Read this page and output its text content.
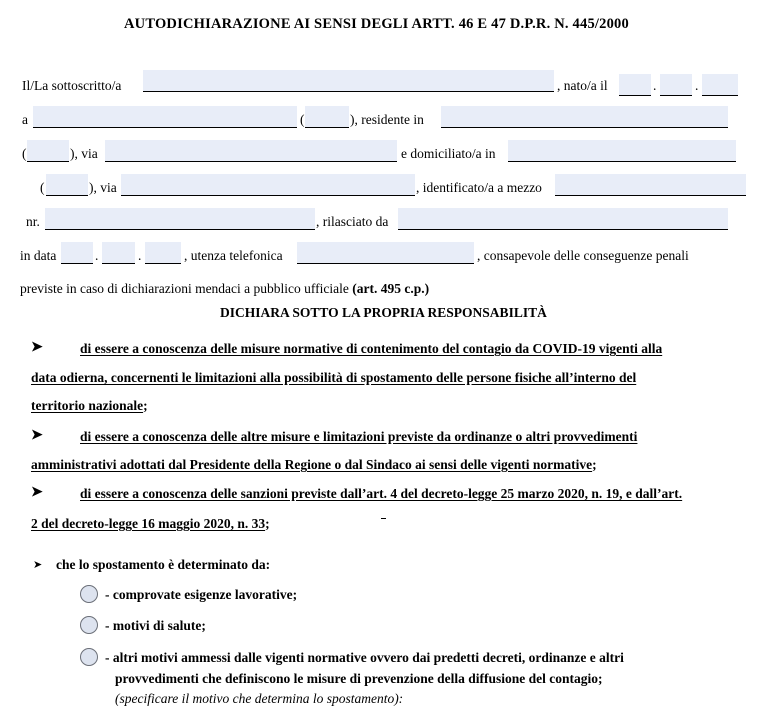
AUTODICHIARAZIONE AI SENSI DEGLI ARTT. 46 E 47 D.P.R. N. 445/2000
Il/La sottoscritto/a	, nato/a il	.	.
a	(	), residente in
(	), via	e domiciliato/a in
(	), via	, identificato/a a mezzo
nr.	, rilasciato da
in data	.	.	, utenza telefonica	, consapevole delle conseguenze penali
previste in caso di dichiarazioni mendaci a pubblico ufficiale (art. 495 c.p.)
DICHIARA SOTTO LA PROPRIA RESPONSABILITÀ
➤	di essere a conoscenza delle misure normative di contenimento del contagio da COVID-19 vigenti alla
data odierna, concernenti le limitazioni alla possibilità di spostamento delle persone fisiche all’interno del
territorio nazionale;
➤	di essere a conoscenza delle altre misure e limitazioni previste da ordinanze o altri provvedimenti
amministrativi adottati dal Presidente della Regione o dal Sindaco ai sensi delle vigenti normative;
➤	di essere a conoscenza delle sanzioni previste dall’art. 4 del decreto-legge 25 marzo 2020, n. 19, e dall’art.
2 del decreto-legge 16 maggio 2020, n. 33;
➤ che lo spostamento è determinato da:
- comprovate esigenze lavorative;
- motivi di salute;
- altri motivi ammessi dalle vigenti normative ovvero dai predetti decreti, ordinanze e altri
provvedimenti che definiscono le misure di prevenzione della diffusione del contagio;
(specificare il motivo che determina lo spostamento):
